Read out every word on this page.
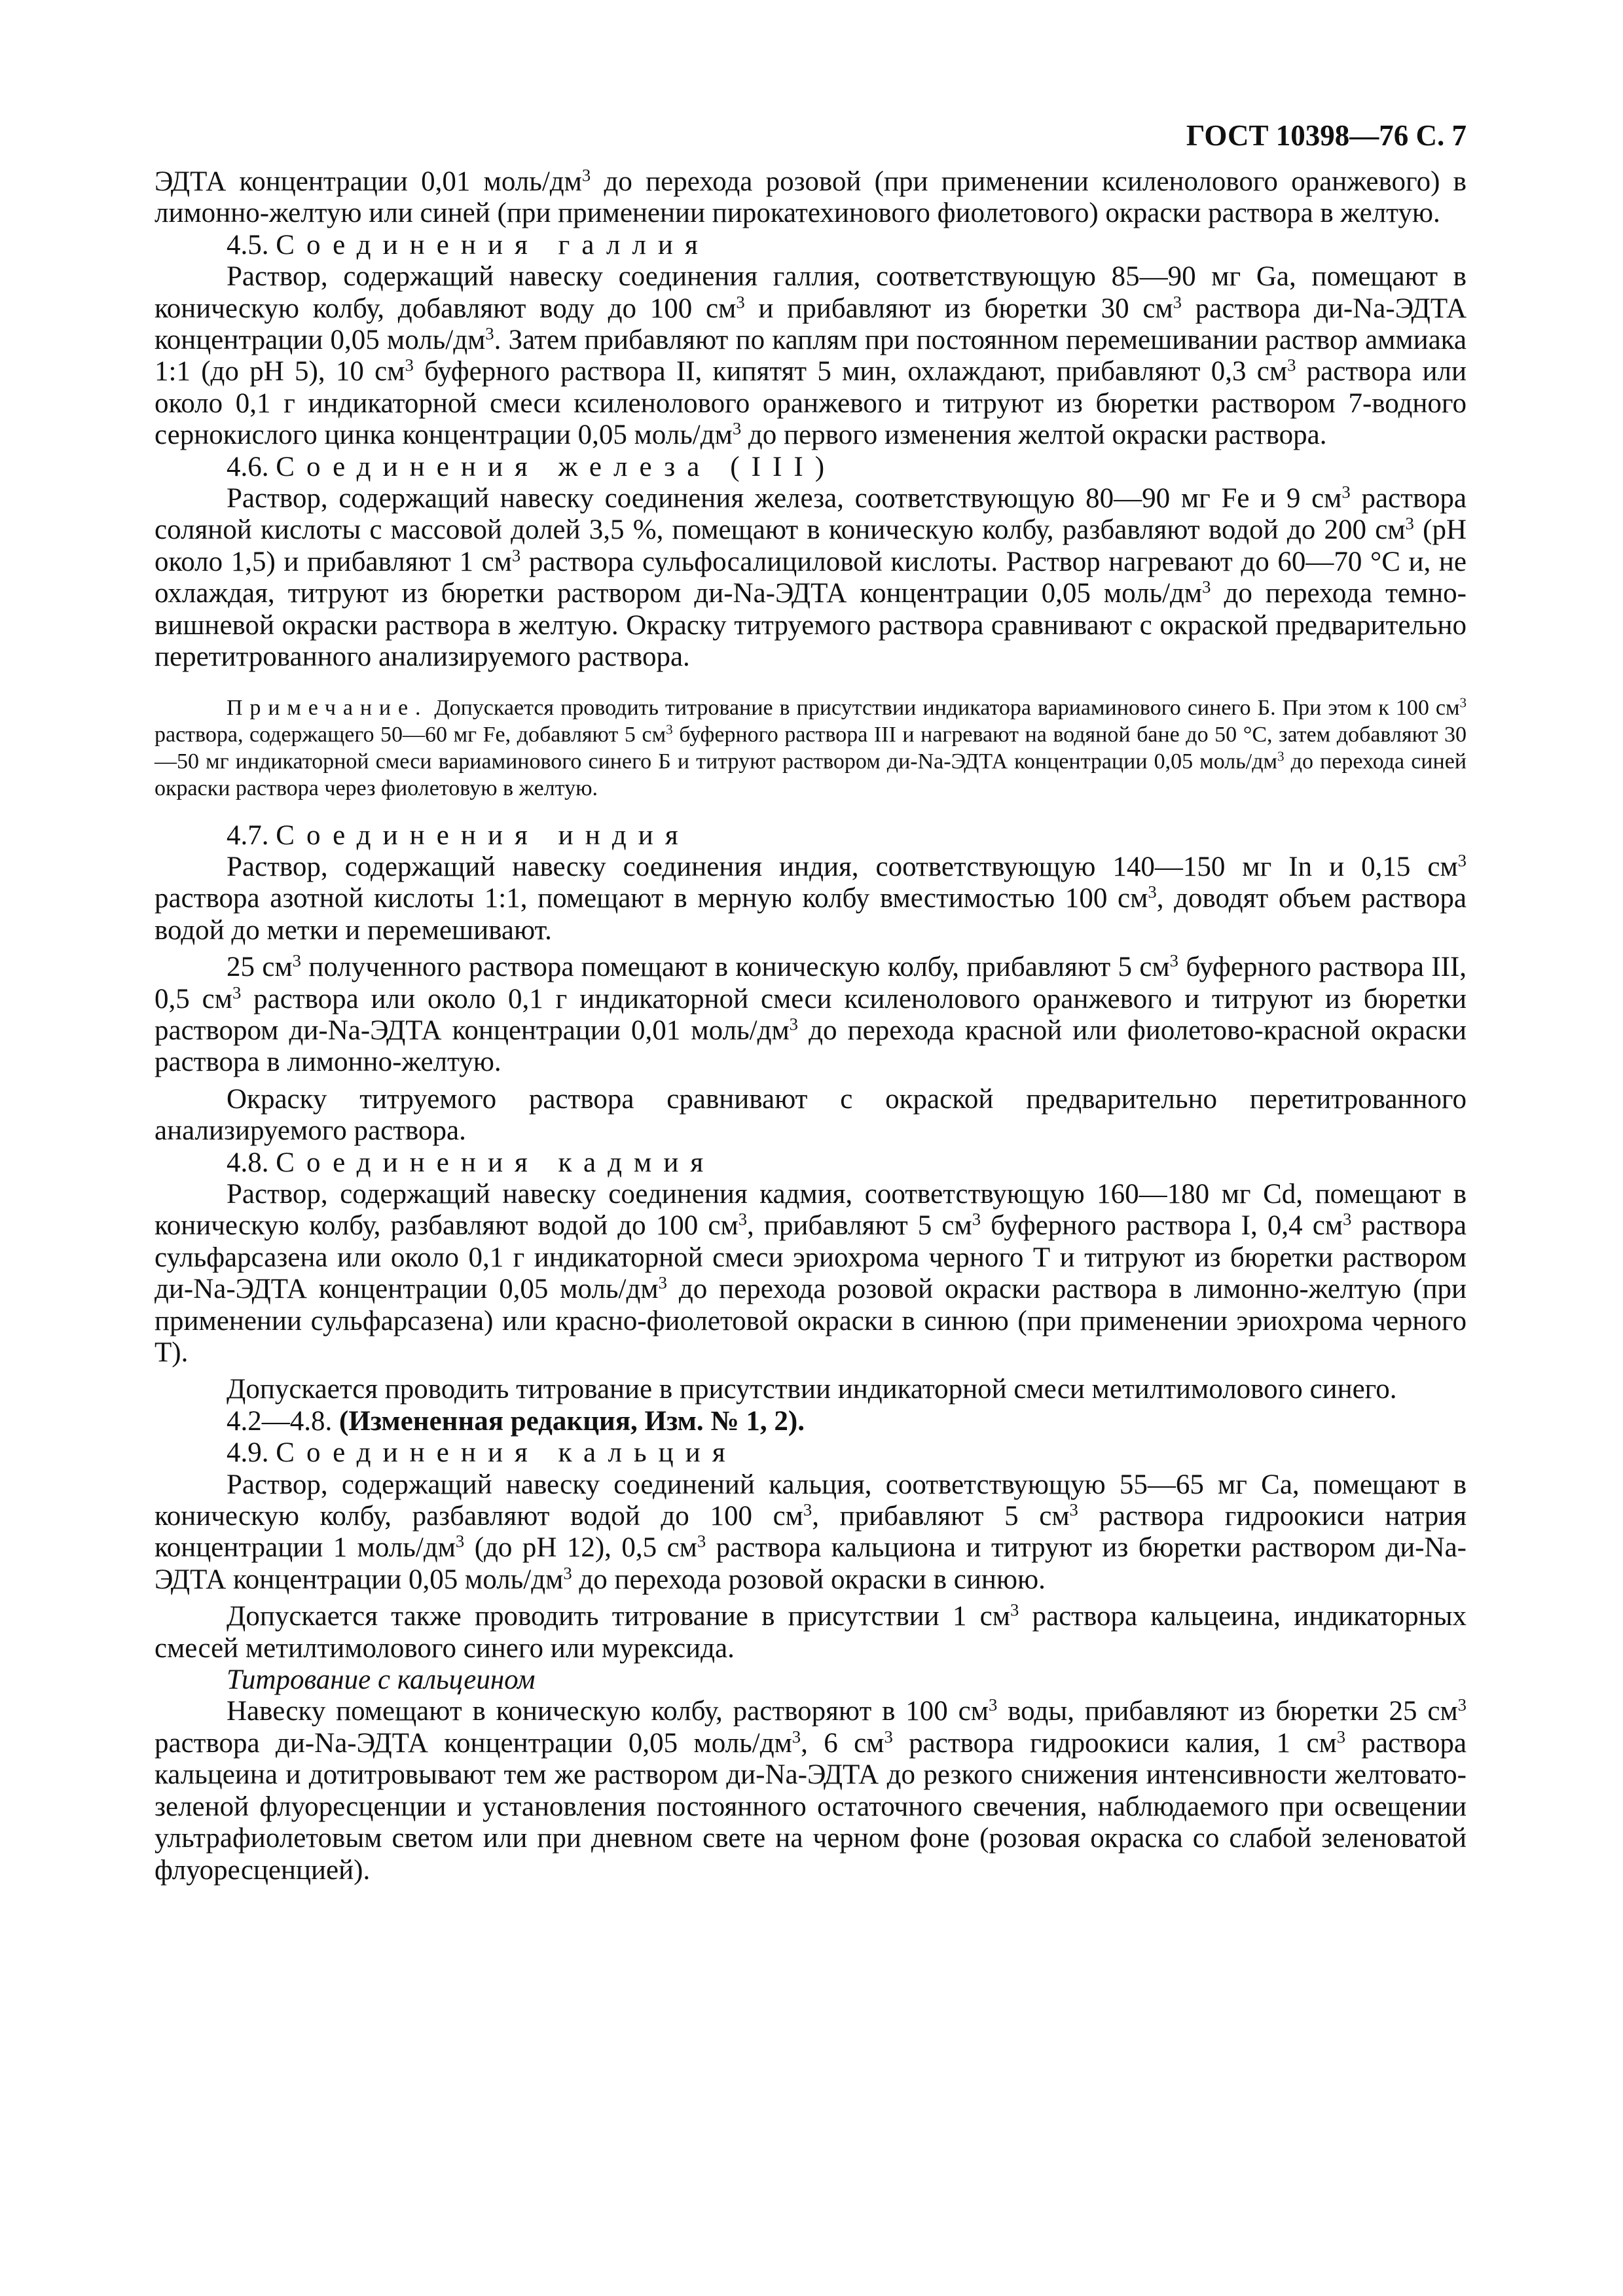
ГОСТ 10398—76 С. 7

ЭДТА концентрации 0,01 моль/$дм^3$ до перехода розовой (при применении ксиленолового оранжевого) в лимонно-желтую или синей (при применении пирокатехинового фиолетового) окраски раствора в желтую.

4.5. Соединения галлия

Раствор, содержащий навеску соединения галлия, соответствующую 85—90 мг Ga, помещают в коническую колбу, добавляют воду до 100 $см^3$ и прибавляют из бюретки 30 $см^3$ раствора ди-Na-ЭДТА концентрации 0,05 моль/$дм^3$. Затем прибавляют по каплям при постоянном перемешивании раствор аммиака 1:1 (до pH 5), 10 $см^3$ буферного раствора II, кипятят 5 мин, охлаждают, прибавляют 0,3 $см^3$ раствора или около 0,1 г индикаторной смеси ксиленолового оранжевого и титруют из бюретки раствором 7-водного сернокислого цинка концентрации 0,05 моль/$дм^3$ до первого изменения желтой окраски раствора.

4.6. Соединения железа (III)

Раствор, содержащий навеску соединения железа, соответствующую 80—90 мг Fe и 9 $см^3$ раствора соляной кислоты с массовой долей 3,5 %, помещают в коническую колбу, разбавляют водой до 200 $см^3$ (pH около 1,5) и прибавляют 1 $см^3$ раствора сульфосалициловой кислоты. Раствор нагревают до 60—70 °С и, не охлаждая, титруют из бюретки раствором ди-Na-ЭДТА концентрации 0,05 моль/$дм^3$ до перехода темно-вишневой окраски раствора в желтую. Окраску титруемого раствора сравнивают с окраской предварительно перетитрованного анализируемого раствора.

Примечание. Допускается проводить титрование в присутствии индикатора вариаминового синего Б. При этом к 100 $см^3$ раствора, содержащего 50—60 мг Fe, добавляют 5 $см^3$ буферного раствора III и нагревают на водяной бане до 50 °С, затем добавляют 30—50 мг индикаторной смеси вариаминового синего Б и титруют раствором ди-Na-ЭДТА концентрации 0,05 моль/$дм^3$ до перехода синей окраски раствора через фиолетовую в желтую.

4.7. Соединения индия

Раствор, содержащий навеску соединения индия, соответствующую 140—150 мг In и 0,15 $см^3$ раствора азотной кислоты 1:1, помещают в мерную колбу вместимостью 100 $см^3$, доводят объем раствора водой до метки и перемешивают.

25 $см^3$ полученного раствора помещают в коническую колбу, прибавляют 5 $см^3$ буферного раствора III, 0,5 $см^3$ раствора или около 0,1 г индикаторной смеси ксиленолового оранжевого и титруют из бюретки раствором ди-Na-ЭДТА концентрации 0,01 моль/$дм^3$ до перехода красной или фиолетово-красной окраски раствора в лимонно-желтую.

Окраску титруемого раствора сравнивают с окраской предварительно перетитрованного анализируемого раствора.

4.8. Соединения кадмия

Раствор, содержащий навеску соединения кадмия, соответствующую 160—180 мг Cd, помещают в коническую колбу, разбавляют водой до 100 $см^3$, прибавляют 5 $см^3$ буферного раствора I, 0,4 $см^3$ раствора сульфарсазена или около 0,1 г индикаторной смеси эриохрома черного Т и титруют из бюретки раствором ди-Na-ЭДТА концентрации 0,05 моль/$дм^3$ до перехода розовой окраски раствора в лимонно-желтую (при применении сульфарсазена) или красно-фиолетовой окраски в синюю (при применении эриохрома черного Т).

Допускается проводить титрование в присутствии индикаторной смеси метилтимолового синего.

4.2—4.8. (Измененная редакция, Изм. № 1, 2).

4.9. Соединения кальция

Раствор, содержащий навеску соединений кальция, соответствующую 55—65 мг Са, помещают в коническую колбу, разбавляют водой до 100 $см^3$, прибавляют 5 $см^3$ раствора гидроокиси натрия концентрации 1 моль/$дм^3$ (до pH 12), 0,5 $см^3$ раствора кальциона и титруют из бюретки раствором ди-Na-ЭДТА концентрации 0,05 моль/$дм^3$ до перехода розовой окраски в синюю.

Допускается также проводить титрование в присутствии 1 $см^3$ раствора кальцеина, индикаторных смесей метилтимолового синего или мурексида.

Титрование с кальцеином

Навеску помещают в коническую колбу, растворяют в 100 $см^3$ воды, прибавляют из бюретки 25 $см^3$ раствора ди-Na-ЭДТА концентрации 0,05 моль/$дм^3$, 6 $см^3$ раствора гидроокиси калия, 1 $см^3$ раствора кальцеина и дотитровывают тем же раствором ди-Na-ЭДТА до резкого снижения интенсивности желтовато-зеленой флуоресценции и установления постоянного остаточного свечения, наблюдаемого при освещении ультрафиолетовым светом или при дневном свете на черном фоне (розовая окраска со слабой зеленоватой флуоресценцией).
